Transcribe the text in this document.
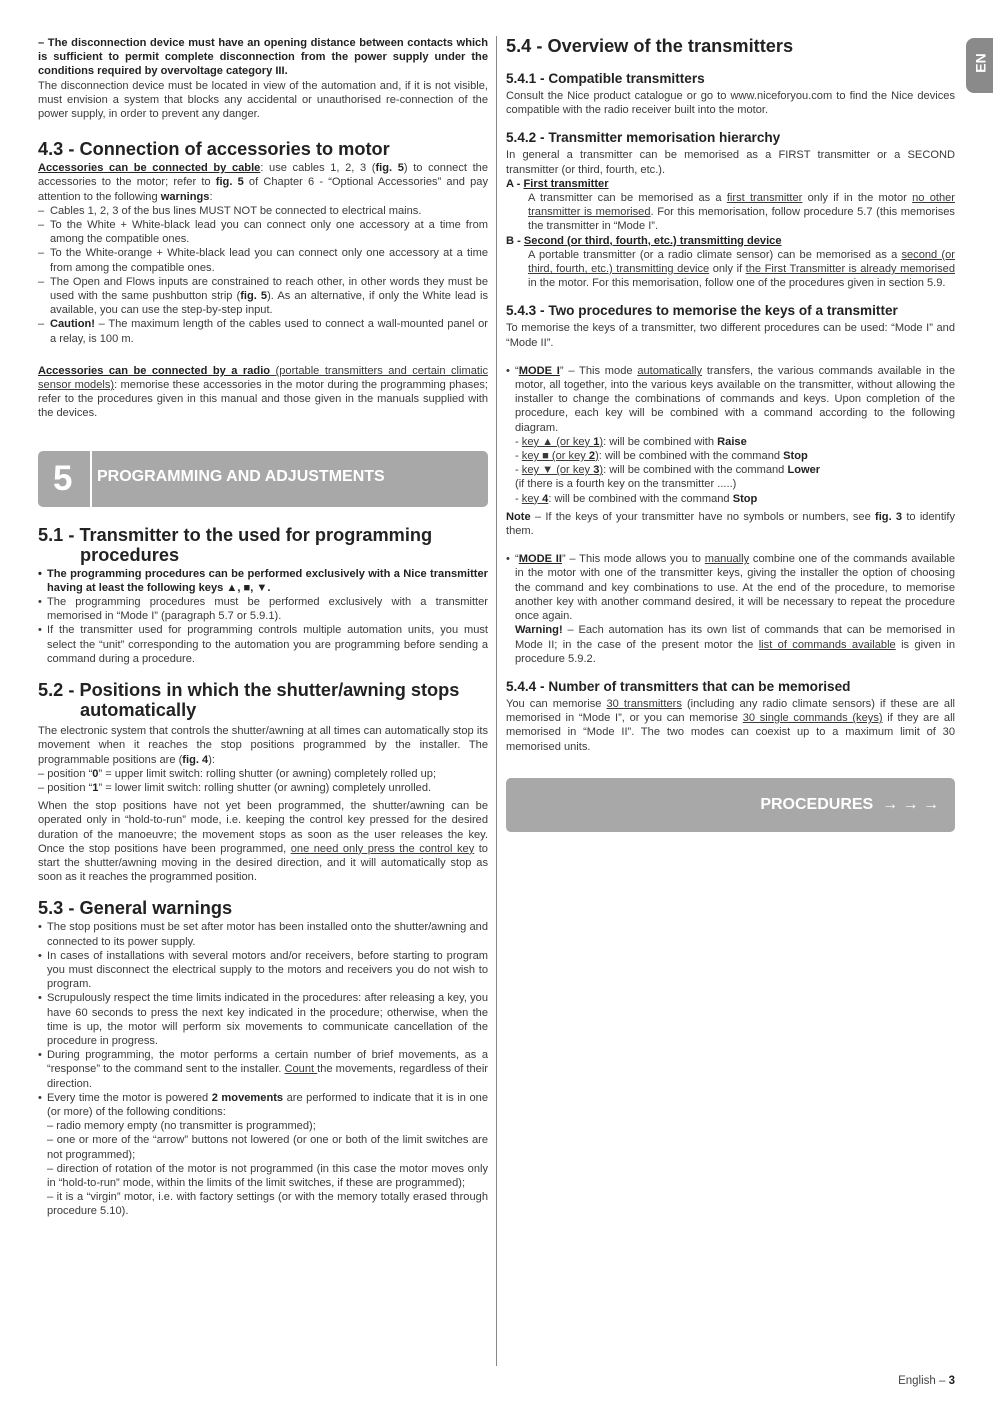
EN

– The disconnection device must have an opening distance between contacts which is sufficient to permit complete disconnection from the power supply under the conditions required by overvoltage category III.

The disconnection device must be located in view of the automation and, if it is not visible, must envision a system that blocks any accidental or unauthorised re-connection of the power supply, in order to prevent any danger.

4.3 - Connection of accessories to motor

Accessories can be connected by cable: use cables 1, 2, 3 (fig. 5) to connect the accessories to the motor; refer to fig. 5 of Chapter 6 - “Optional Accessories” and pay attention to the following warnings:

– Cables 1, 2, 3 of the bus lines MUST NOT be connected to electrical mains.
– To the White + White-black lead you can connect only one accessory at a time from among the compatible ones.
– To the White-orange + White-black lead you can connect only one accessory at a time from among the compatible ones.
– The Open and Flows inputs are constrained to reach other, in other words they must be used with the same pushbutton strip (fig. 5). As an alternative, if only the White lead is available, you can use the step-by-step input.
– Caution! – The maximum length of the cables used to connect a wall-mounted panel or a relay, is 100 m.

Accessories can be connected by a radio (portable transmitters and certain climatic sensor models): memorise these accessories in the motor during the programming phases; refer to the procedures given in this manual and those given in the manuals supplied with the devices.

5 PROGRAMMING AND ADJUSTMENTS
5.1 - Transmitter to the used for programming
procedures
• The programming procedures can be performed exclusively with a Nice transmitter having at least the following keys ▲, ■, ▼.
• The programming procedures must be performed exclusively with a transmitter memorised in “Mode I” (paragraph 5.7 or 5.9.1).
• If the transmitter used for programming controls multiple automation units, you must select the “unit” corresponding to the automation you are programming before sending a command during a procedure.
5.2 - Positions in which the shutter/awning stops
automatically

The electronic system that controls the shutter/awning at all times can automatically stop its movement when it reaches the stop positions programmed by the installer. The programmable positions are (fig. 4):

– position “0” = upper limit switch: rolling shutter (or awning) completely rolled up;

– position “1” = lower limit switch: rolling shutter (or awning) completely unrolled.

When the stop positions have not yet been programmed, the shutter/awning can be operated only in “hold-to-run” mode, i.e. keeping the control key pressed for the desired duration of the manoeuvre; the movement stops as soon as the user releases the key. Once the stop positions have been programmed, one need only press the control key to start the shutter/awning moving in the desired direction, and it will automatically stop as soon as it reaches the programmed position.

5.3 - General warnings
• The stop positions must be set after motor has been installed onto the shutter/awning and connected to its power supply.
• In cases of installations with several motors and/or receivers, before starting to program you must disconnect the electrical supply to the motors and receivers you do not wish to program.
• Scrupulously respect the time limits indicated in the procedures: after releasing a key, you have 60 seconds to press the next key indicated in the procedure; otherwise, when the time is up, the motor will perform six movements to communicate cancellation of the procedure in progress.
• During programming, the motor performs a certain number of brief movements, as a “response” to the command sent to the installer. Count the movements, regardless of their direction.
• Every time the motor is powered 2 movements are performed to indicate that it is in one (or more) of the following conditions:
– radio memory empty (no transmitter is programmed);
– one or more of the “arrow” buttons not lowered (or one or both of the limit switches are not programmed);
– direction of rotation of the motor is not programmed (in this case the motor moves only in “hold-to-run” mode, within the limits of the limit switches, if these are programmed);
– it is a “virgin” motor, i.e. with factory settings (or with the memory totally erased through procedure 5.10).
5.4 - Overview of the transmitters
5.4.1 - Compatible transmitters

Consult the Nice product catalogue or go to www.niceforyou.com to find the Nice devices compatible with the radio receiver built into the motor.

5.4.2 - Transmitter memorisation hierarchy

In general a transmitter can be memorised as a FIRST transmitter or a SECOND transmitter (or third, fourth, etc.).

A - First transmitter

A transmitter can be memorised as a first transmitter only if in the motor no other transmitter is memorised. For this memorisation, follow procedure 5.7 (this memorises the transmitter in “Mode I”.

B - Second (or third, fourth, etc.) transmitting device

A portable transmitter (or a radio climate sensor) can be memorised as a second (or third, fourth, etc.) transmitting device only if the First Transmitter is already memorised in the motor. For this memorisation, follow one of the procedures given in section 5.9.

5.4.3 - Two procedures to memorise the keys of a transmitter

To memorise the keys of a transmitter, two different procedures can be used: “Mode I” and “Mode II”.

• “MODE I” – This mode automatically transfers, the various commands available in the motor, all together, into the various keys available on the transmitter, without allowing the installer to change the combinations of commands and keys. Upon completion of the procedure, each key will be combined with a command according to the following diagram.
- key ▲ (or key 1): will be combined with Raise
- key ■ (or key 2): will be combined with the command Stop
- key ▼ (or key 3): will be combined with the command Lower
(if there is a fourth key on the transmitter .....)
- key 4: will be combined with the command Stop

Note – If the keys of your transmitter have no symbols or numbers, see fig. 3 to identify them.

• “MODE II” – This mode allows you to manually combine one of the commands available in the motor with one of the transmitter keys, giving the installer the option of choosing the command and key combinations to use. At the end of the procedure, to memorise another key with another command desired, it will be necessary to repeat the procedure once again.
Warning! – Each automation has its own list of commands that can be memorised in Mode II; in the case of the present motor the list of commands available is given in procedure 5.9.2.
5.4.4 - Number of transmitters that can be memorised

You can memorise 30 transmitters (including any radio climate sensors) if these are all memorised in “Mode I”, or you can memorise 30 single commands (keys) if they are all memorised in “Mode II”. The two modes can coexist up to a maximum limit of 30 memorised units.

PROCEDURES → → →
English – 3
